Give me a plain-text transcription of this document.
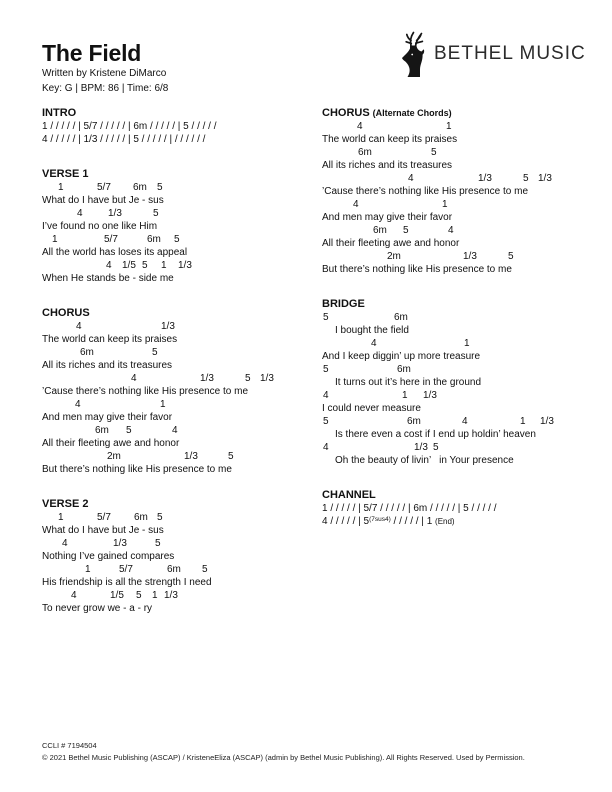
The Field
Written by Kristene DiMarco
Key: G | BPM: 86 | Time: 6/8
BETHEL MUSIC
INTRO
1 / / / / / | 5/7 / / / / / | 6m / / / / / | 5 / / / / /
4 / / / / / | 1/3 / / / / / | 5 / / / / / | / / / / / /
VERSE 1
1	5/7 6m 5
What do I have but Je - sus
4	1/3	5
I’ve found no one like Him
1	5/7	6m 5
All the world has loses its appeal
4 1/5 5 1 1/3
When He stands be - side me
CHORUS
4	1/3
The world can keep its praises
6m	5
All its riches and its treasures
4	1/3	5 1/3
’Cause there’s nothing like His presence to me
4	1
And men may give their favor
6m 5	4
All their fleeting awe and honor
2m	1/3	5
But there’s nothing like His presence to me
VERSE 2
1	5/7 6m 5
What do I have but Je - sus
4	1/3	5
Nothing I’ve gained compares
1	5/7	6m 5
His friendship is all the strength I need
4	1/5 5 1 1/3
To never grow we - a - ry
CHORUS (Alternate Chords)
4	1
The world can keep its praises
6m	5
All its riches and its treasures
4	1/3	5 1/3
’Cause there’s nothing like His presence to me
4	1
And men may give their favor
6m 5	4
All their fleeting awe and honor
2m	1/3	5
But there’s nothing like His presence to me
BRIDGE
5	6m
I bought the field
4	1
And I keep diggin’ up more treasure
5	6m
It turns out it’s here in the ground
4	1 1/3
I could never measure
5	6m	4	1 1/3
Is there even a cost if I end up holdin’ heaven
4	1/3 5
Oh the beauty of livin’   in Your presence
CHANNEL
1 / / / / / | 5/7 / / / / / | 6m / / / / / | 5 / / / / /
4 / / / / / | $5^{(7sus4)}$ / / / / / | 1 (End)
CCLI # 7194504
© 2021 Bethel Music Publishing (ASCAP) / KristeneEliza (ASCAP) (admin by Bethel Music Publishing). All Rights Reserved. Used by Permission.
